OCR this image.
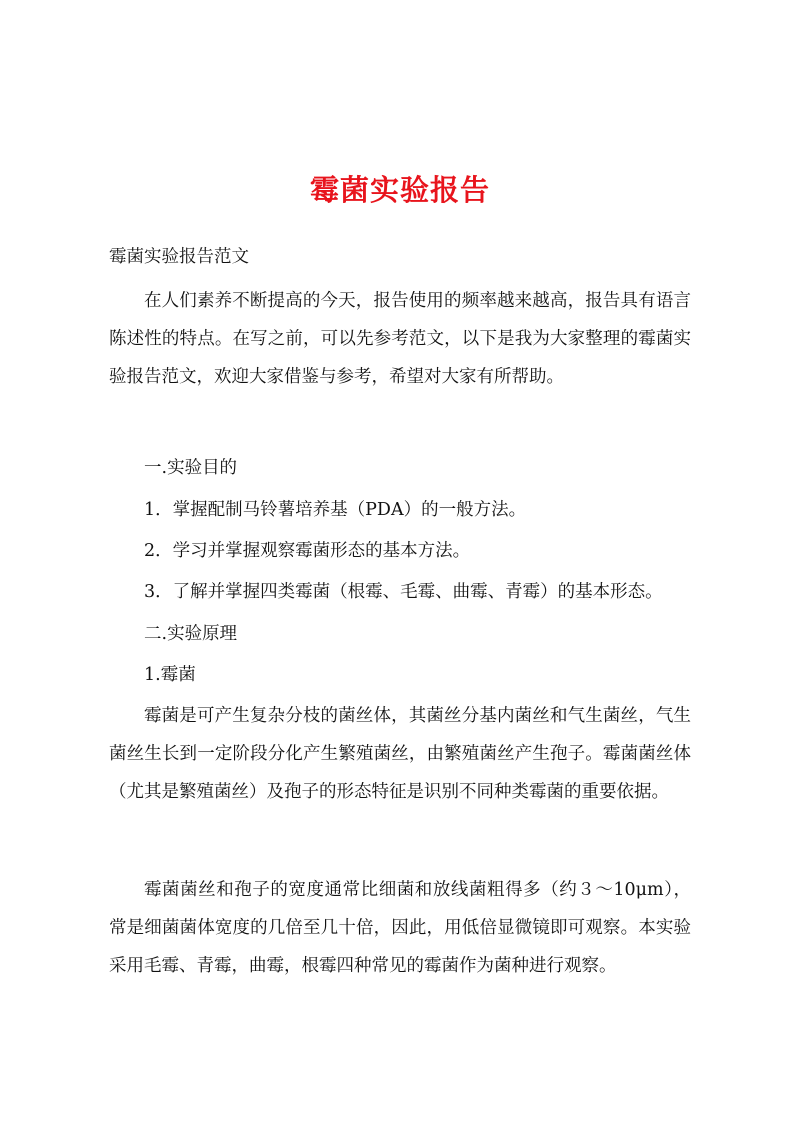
霉菌实验报告
霉菌实验报告范文
在人们素养不断提高的今天，报告使用的频率越来越高，报告具有语言陈述性的特点。在写之前，可以先参考范文，以下是我为大家整理的霉菌实验报告范文，欢迎大家借鉴与参考，希望对大家有所帮助。
一.实验目的
1．掌握配制马铃薯培养基（PDA）的一般方法。
2．学习并掌握观察霉菌形态的基本方法。
3．了解并掌握四类霉菌（根霉、毛霉、曲霉、青霉）的基本形态。
二.实验原理
1.霉菌
霉菌是可产生复杂分枝的菌丝体，其菌丝分基内菌丝和气生菌丝，气生菌丝生长到一定阶段分化产生繁殖菌丝，由繁殖菌丝产生孢子。霉菌菌丝体（尤其是繁殖菌丝）及孢子的形态特征是识别不同种类霉菌的重要依据。
霉菌菌丝和孢子的宽度通常比细菌和放线菌粗得多（约３～10μm），常是细菌菌体宽度的几倍至几十倍，因此，用低倍显微镜即可观察。本实验采用毛霉、青霉，曲霉，根霉四种常见的霉菌作为菌种进行观察。
